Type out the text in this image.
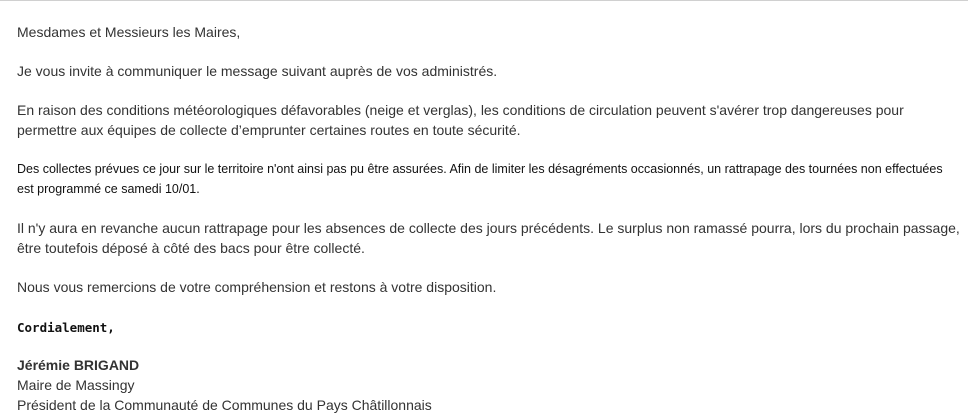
Mesdames et Messieurs les Maires,

Je vous invite à communiquer le message suivant auprès de vos administrés.

En raison des conditions météorologiques défavorables (neige et verglas), les conditions de circulation peuvent s'avérer trop dangereuses pour permettre aux équipes de collecte d’emprunter certaines routes en toute sécurité.

Des collectes prévues ce jour sur le territoire n'ont ainsi pas pu être assurées. Afin de limiter les désagréments occasionnés, un rattrapage des tournées non effectuées est programmé ce samedi 10/01.

Il n'y aura en revanche aucun rattrapage pour les absences de collecte des jours précédents. Le surplus non ramassé pourra, lors du prochain passage, être toutefois déposé à côté des bacs pour être collecté.

Nous vous remercions de votre compréhension et restons à votre disposition.

Cordialement,

Jérémie BRIGAND
Maire de Massingy
Président de la Communauté de Communes du Pays Châtillonnais
